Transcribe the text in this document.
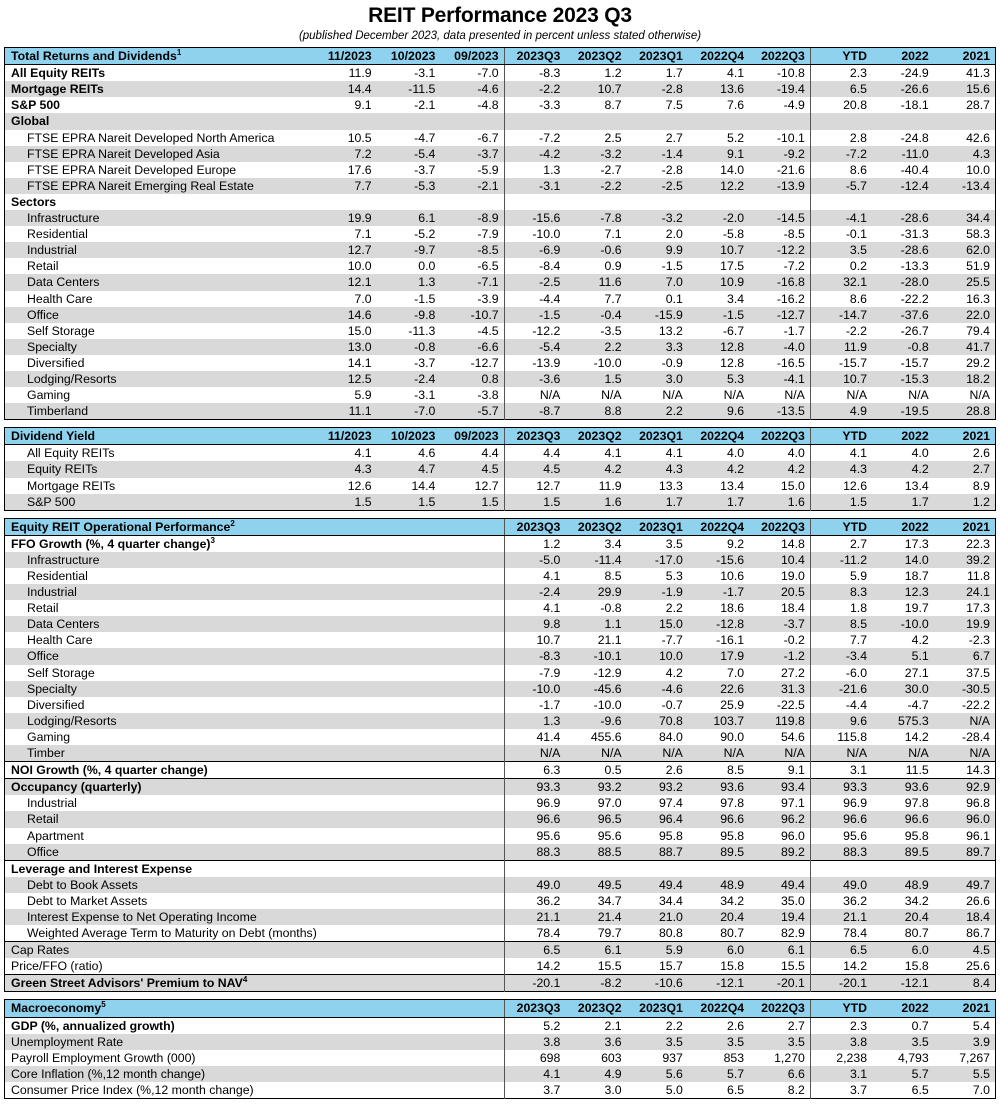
REIT Performance 2023 Q3
(published December 2023, data presented in percent unless stated otherwise)
Total Returns and Dividends$^1$	11/2023	10/2023	09/2023	2023Q3	2023Q2	2023Q1	2022Q4	2022Q3	YTD	2022	2021
All Equity REITs	11.9	-3.1	-7.0	-8.3	1.2	1.7	4.1	-10.8	2.3	-24.9	41.3
Mortgage REITs	14.4	-11.5	-4.6	-2.2	10.7	-2.8	13.6	-19.4	6.5	-26.6	15.6
S&P 500	9.1	-2.1	-4.8	-3.3	8.7	7.5	7.6	-4.9	20.8	-18.1	28.7
Global											
FTSE EPRA Nareit Developed North America	10.5	-4.7	-6.7	-7.2	2.5	2.7	5.2	-10.1	2.8	-24.8	42.6
FTSE EPRA Nareit Developed Asia	7.2	-5.4	-3.7	-4.2	-3.2	-1.4	9.1	-9.2	-7.2	-11.0	4.3
FTSE EPRA Nareit Developed Europe	17.6	-3.7	-5.9	1.3	-2.7	-2.8	14.0	-21.6	8.6	-40.4	10.0
FTSE EPRA Nareit Emerging Real Estate	7.7	-5.3	-2.1	-3.1	-2.2	-2.5	12.2	-13.9	-5.7	-12.4	-13.4
Sectors											
Infrastructure	19.9	6.1	-8.9	-15.6	-7.8	-3.2	-2.0	-14.5	-4.1	-28.6	34.4
Residential	7.1	-5.2	-7.9	-10.0	7.1	2.0	-5.8	-8.5	-0.1	-31.3	58.3
Industrial	12.7	-9.7	-8.5	-6.9	-0.6	9.9	10.7	-12.2	3.5	-28.6	62.0
Retail	10.0	0.0	-6.5	-8.4	0.9	-1.5	17.5	-7.2	0.2	-13.3	51.9
Data Centers	12.1	1.3	-7.1	-2.5	11.6	7.0	10.9	-16.8	32.1	-28.0	25.5
Health Care	7.0	-1.5	-3.9	-4.4	7.7	0.1	3.4	-16.2	8.6	-22.2	16.3
Office	14.6	-9.8	-10.7	-1.5	-0.4	-15.9	-1.5	-12.7	-14.7	-37.6	22.0
Self Storage	15.0	-11.3	-4.5	-12.2	-3.5	13.2	-6.7	-1.7	-2.2	-26.7	79.4
Specialty	13.0	-0.8	-6.6	-5.4	2.2	3.3	12.8	-4.0	11.9	-0.8	41.7
Diversified	14.1	-3.7	-12.7	-13.9	-10.0	-0.9	12.8	-16.5	-15.7	-15.7	29.2
Lodging/Resorts	12.5	-2.4	0.8	-3.6	1.5	3.0	5.3	-4.1	10.7	-15.3	18.2
Gaming	5.9	-3.1	-3.8	N/A	N/A	N/A	N/A	N/A	N/A	N/A	N/A
Timberland	11.1	-7.0	-5.7	-8.7	8.8	2.2	9.6	-13.5	4.9	-19.5	28.8
Dividend Yield	11/2023	10/2023	09/2023	2023Q3	2023Q2	2023Q1	2022Q4	2022Q3	YTD	2022	2021
All Equity REITs	4.1	4.6	4.4	4.4	4.1	4.1	4.0	4.0	4.1	4.0	2.6
Equity REITs	4.3	4.7	4.5	4.5	4.2	4.3	4.2	4.2	4.3	4.2	2.7
Mortgage REITs	12.6	14.4	12.7	12.7	11.9	13.3	13.4	15.0	12.6	13.4	8.9
S&P 500	1.5	1.5	1.5	1.5	1.6	1.7	1.7	1.6	1.5	1.7	1.2
Equity REIT Operational Performance$^2$	2023Q3	2023Q2	2023Q1	2022Q4	2022Q3	YTD	2022	2021
FFO Growth (%, 4 quarter change)$^3$	1.2	3.4	3.5	9.2	14.8	2.7	17.3	22.3
Infrastructure	-5.0	-11.4	-17.0	-15.6	10.4	-11.2	14.0	39.2
Residential	4.1	8.5	5.3	10.6	19.0	5.9	18.7	11.8
Industrial	-2.4	29.9	-1.9	-1.7	20.5	8.3	12.3	24.1
Retail	4.1	-0.8	2.2	18.6	18.4	1.8	19.7	17.3
Data Centers	9.8	1.1	15.0	-12.8	-3.7	8.5	-10.0	19.9
Health Care	10.7	21.1	-7.7	-16.1	-0.2	7.7	4.2	-2.3
Office	-8.3	-10.1	10.0	17.9	-1.2	-3.4	5.1	6.7
Self Storage	-7.9	-12.9	4.2	7.0	27.2	-6.0	27.1	37.5
Specialty	-10.0	-45.6	-4.6	22.6	31.3	-21.6	30.0	-30.5
Diversified	-1.7	-10.0	-0.7	25.9	-22.5	-4.4	-4.7	-22.2
Lodging/Resorts	1.3	-9.6	70.8	103.7	119.8	9.6	575.3	N/A
Gaming	41.4	455.6	84.0	90.0	54.6	115.8	14.2	-28.4
Timber	N/A	N/A	N/A	N/A	N/A	N/A	N/A	N/A
NOI Growth (%, 4 quarter change)	6.3	0.5	2.6	8.5	9.1	3.1	11.5	14.3
Occupancy (quarterly)	93.3	93.2	93.2	93.6	93.4	93.3	93.6	92.9
Industrial	96.9	97.0	97.4	97.8	97.1	96.9	97.8	96.8
Retail	96.6	96.5	96.4	96.6	96.2	96.6	96.6	96.0
Apartment	95.6	95.6	95.8	95.8	96.0	95.6	95.8	96.1
Office	88.3	88.5	88.7	89.5	89.2	88.3	89.5	89.7
Leverage and Interest Expense								
Debt to Book Assets	49.0	49.5	49.4	48.9	49.4	49.0	48.9	49.7
Debt to Market Assets	36.2	34.7	34.4	34.2	35.0	36.2	34.2	26.6
Interest Expense to Net Operating Income	21.1	21.4	21.0	20.4	19.4	21.1	20.4	18.4
Weighted Average Term to Maturity on Debt (months)	78.4	79.7	80.8	80.7	82.9	78.4	80.7	86.7
Cap Rates	6.5	6.1	5.9	6.0	6.1	6.5	6.0	4.5
Price/FFO (ratio)	14.2	15.5	15.7	15.8	15.5	14.2	15.8	25.6
Green Street Advisors' Premium to NAV$^4$	-20.1	-8.2	-10.6	-12.1	-20.1	-20.1	-12.1	8.4
Macroeconomy$^5$	2023Q3	2023Q2	2023Q1	2022Q4	2022Q3	YTD	2022	2021
GDP (%, annualized growth)	5.2	2.1	2.2	2.6	2.7	2.3	0.7	5.4
Unemployment Rate	3.8	3.6	3.5	3.5	3.5	3.8	3.5	3.9
Payroll Employment Growth (000)	698	603	937	853	1,270	2,238	4,793	7,267
Core Inflation (%,12 month change)	4.1	4.9	5.6	5.7	6.6	3.1	5.7	5.5
Consumer Price Index (%,12 month change)	3.7	3.0	5.0	6.5	8.2	3.7	6.5	7.0
